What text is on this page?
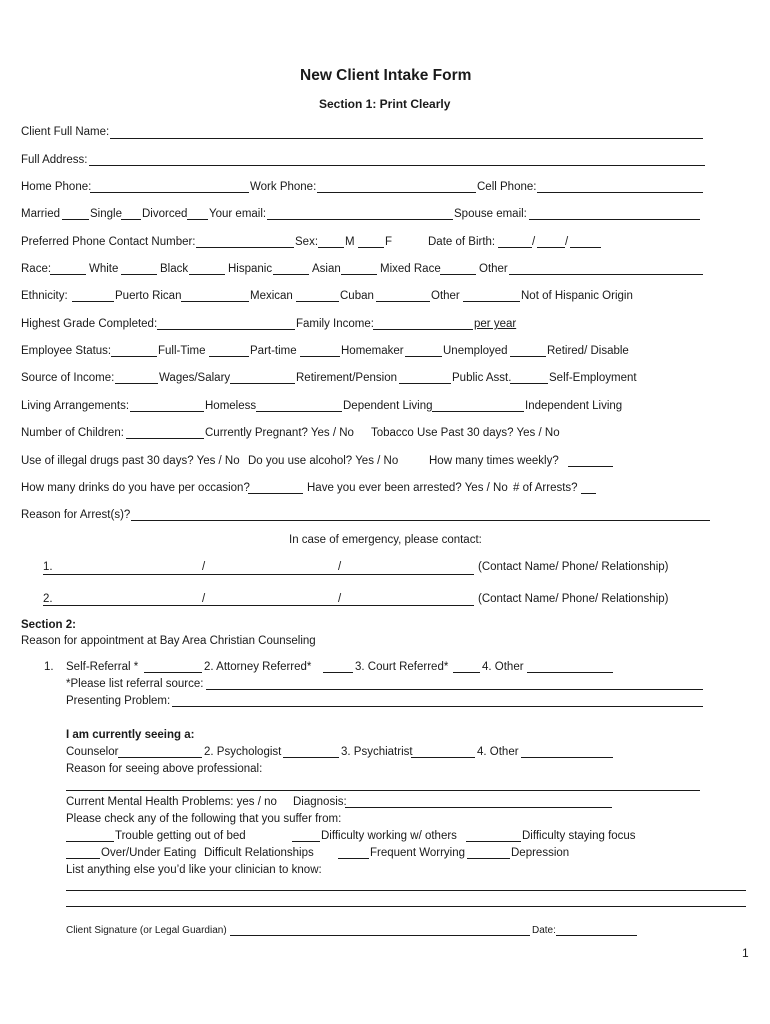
New Client Intake Form
Section 1: Print Clearly
Client Full Name:
Full Address:
Home Phone:	Work Phone:	Cell Phone:
Married	Single Divorced Your email:	Spouse email:
Preferred Phone Contact Number:	Sex: M	F	Date of Birth:	/	/
Race:	White	Black	Hispanic	Asian	Mixed Race	Other
Ethnicity:	Puerto Rican	Mexican	Cuban	Other	Not of Hispanic Origin
Highest Grade Completed:	Family Income:	per year
Employee Status:	Full-Time	Part-time	Homemaker	Unemployed	Retired/ Disable
Source of Income:	Wages/Salary	Retirement/Pension	Public Asst.	Self-Employment
Living Arrangements:	Homeless	Dependent Living	Independent Living
Number of Children:	Currently Pregnant? Yes / No Tobacco Use Past 30 days? Yes / No
Use of illegal drugs past 30 days? Yes / No Do you use alcohol? Yes / No	How many times weekly?
How many drinks do you have per occasion?	Have you ever been arrested? Yes / No # of Arrests?
Reason for Arrest(s)?
In case of emergency, please contact:
1.	/	/	(Contact Name/ Phone/ Relationship)
2.	/	/	(Contact Name/ Phone/ Relationship)
Section 2:
Reason for appointment at Bay Area Christian Counseling
1. Self-Referral *	2. Attorney Referred*	3. Court Referred*	4. Other
*Please list referral source:
Presenting Problem:
I am currently seeing a:
Counselor	2. Psychologist	3. Psychiatrist	4. Other
Reason for seeing above professional:
Current Mental Health Problems: yes / no Diagnosis:
Please check any of the following that you suffer from:
Trouble getting out of bed	Difficulty working w/ others	Difficulty staying focus
Over/Under Eating Difficult Relationships	Frequent Worrying	Depression
List anything else you’d like your clinician to know:
Client Signature (or Legal Guardian)	Date:
1
